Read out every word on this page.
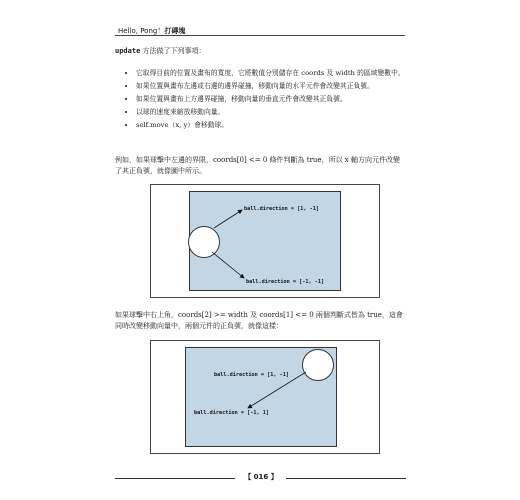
Hello, Pong！打磚塊
update 方法做了下列事項：
• 它取得目前的位置及畫布的寬度，它將數值分別儲存在 coords 及 width 的區域變數中。
• 如果位置與畫布左邊或右邊的邊界碰撞，移動向量的水平元件會改變其正負號。
• 如果位置與畫布上方邊界碰撞，移動向量的垂直元件會改變其正負號。
• 以球的速度來縮放移動向量。
• self.move（x, y）會移動球。
例如，如果球擊中左邊的界限，coords[0] <= 0 條件判斷為 true，所以 x 軸方向元件改變了其正負號，就像圖中所示。
ball.direction = [1, -1]
ball.direction = [-1, -1]
如果球擊中右上角，coords[2] >= width 及 coords[1] <= 0 兩個判斷式皆為 true，這會同時改變移動向量中，兩個元件的正負號，就像這樣：
ball.direction = [1, -1]
ball.direction = [-1, 1]
【 016 】
